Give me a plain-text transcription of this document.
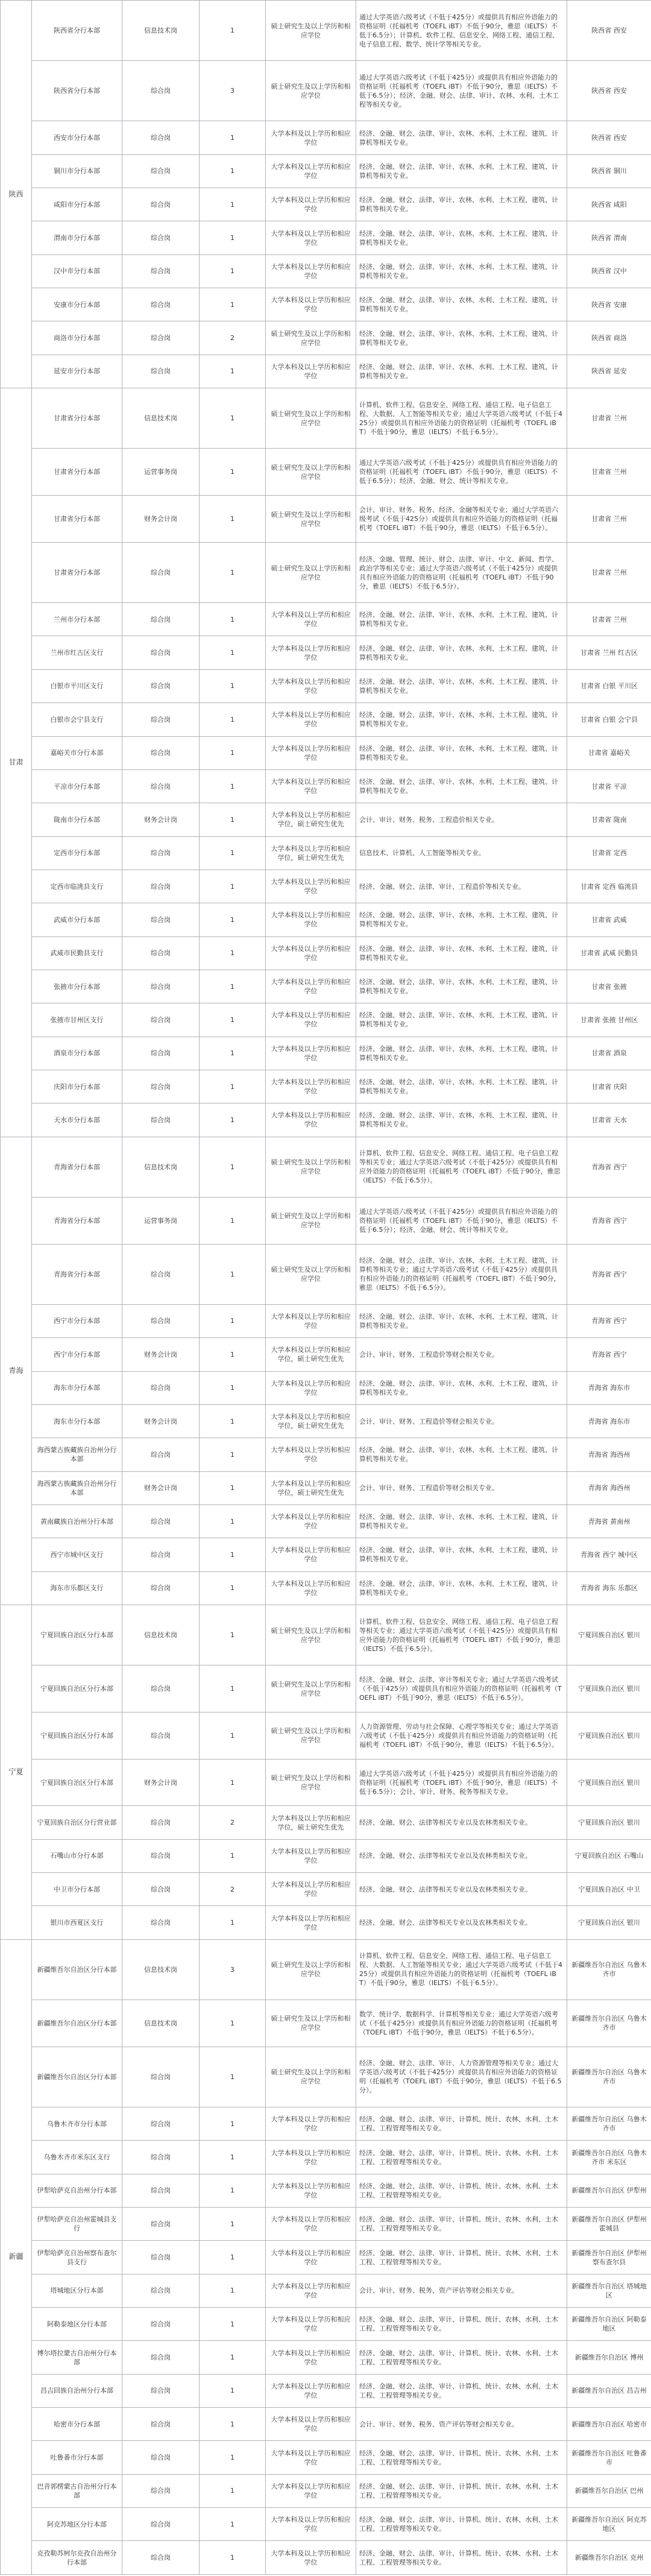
陕西	陕西省分行本部	信息技术岗	1	硕士研究生及以上学历和相应学位	通过大学英语六级考试（不低于425分）或提供具有相应外语能力的资格证明（托福机考（TOEFL iBT）不低于90分，雅思（IELTS）不低于6.5分）；计算机、软件工程、信息安全、网络工程、通信工程、电子信息工程、数学、统计学等相关专业。	陕西省 西安
	陕西省分行本部	综合岗	3	硕士研究生及以上学历和相应学位	通过大学英语六级考试（不低于425分）或提供具有相应外语能力的资格证明（托福机考（TOEFL iBT）不低于90分，雅思（IELTS）不低于6.5分）；经济、金融、财会、法律、审计、农林、水利、土木工程等相关专业。	陕西省 西安
	西安市分行本部	综合岗	1	大学本科及以上学历和相应学位	经济、金融、财会、法律、审计、农林、水利、土木工程、建筑、计算机等相关专业。	陕西省 西安
	铜川市分行本部	综合岗	1	大学本科及以上学历和相应学位	经济、金融、财会、法律、审计、农林、水利、土木工程、建筑、计算机等相关专业。	陕西省 铜川
	咸阳市分行本部	综合岗	1	大学本科及以上学历和相应学位	经济、金融、财会、法律、审计、农林、水利、土木工程、建筑、计算机等相关专业。	陕西省 咸阳
	渭南市分行本部	综合岗	1	大学本科及以上学历和相应学位	经济、金融、财会、法律、审计、农林、水利、土木工程、建筑、计算机等相关专业。	陕西省 渭南
	汉中市分行本部	综合岗	1	大学本科及以上学历和相应学位	经济、金融、财会、法律、审计、农林、水利、土木工程、建筑、计算机等相关专业。	陕西省 汉中
	安康市分行本部	综合岗	1	大学本科及以上学历和相应学位	经济、金融、财会、法律、审计、农林、水利、土木工程、建筑、计算机等相关专业。	陕西省 安康
	商洛市分行本部	综合岗	2	硕士研究生及以上学历和相应学位	经济、金融、财会、法律、审计、农林、水利、土木工程、建筑、计算机等相关专业。	陕西省 商洛
	延安市分行本部	综合岗	1	大学本科及以上学历和相应学位	经济、金融、财会、法律、审计、农林、水利、土木工程、建筑、计算机等相关专业。	陕西省 延安
甘肃	甘肃省分行本部	信息技术岗	1	硕士研究生及以上学历和相应学位	计算机、软件工程、信息安全、网络工程、通信工程、电子信息工程、大数据、人工智能等相关专业；通过大学英语六级考试（不低于425分）或提供具有相应外语能力的资格证明（托福机考（TOEFL iBT）不低于90分，雅思（IELTS）不低于6.5分）。	甘肃省 兰州
	甘肃省分行本部	运营事务岗	1	硕士研究生及以上学历和相应学位	通过大学英语六级考试（不低于425分）或提供具有相应外语能力的资格证明（托福机考（TOEFL iBT）不低于90分，雅思（IELTS）不低于6.5分）；经济、金融、财会、统计等相关专业。	甘肃省 兰州
	甘肃省分行本部	财务会计岗	1	硕士研究生及以上学历和相应学位	会计、审计、财务、税务、经济、金融等相关专业；通过大学英语六级考试（不低于425分）或提供具有相应外语能力的资格证明（托福机考（TOEFL iBT）不低于90分，雅思（IELTS）不低于6.5分）。	甘肃省 兰州
	甘肃省分行本部	综合岗	1	硕士研究生及以上学历和相应学位	经济、金融、管理、统计、财会、法律、审计、中文、新闻、哲学、政治学等相关专业；通过大学英语六级考试（不低于425分）或提供具有相应外语能力的资格证明（托福机考（TOEFL iBT）不低于90分，雅思（IELTS）不低于6.5分）。	甘肃省 兰州
	兰州市分行本部	综合岗	1	大学本科及以上学历和相应学位	经济、金融、财会、法律、审计、农林、水利、土木工程、建筑、计算机等相关专业。	甘肃省 兰州
	兰州市红古区支行	综合岗	1	大学本科及以上学历和相应学位	经济、金融、财会、法律、审计、农林、水利、土木工程、建筑、计算机等相关专业。	甘肃省 兰州 红古区
	白银市平川区支行	综合岗	1	大学本科及以上学历和相应学位	经济、金融、财会、法律、审计、农林、水利、土木工程、建筑、计算机等相关专业。	甘肃省 白银 平川区
	白银市会宁县支行	综合岗	1	大学本科及以上学历和相应学位	经济、金融、财会、法律、审计、农林、水利、土木工程、建筑、计算机等相关专业。	甘肃省 白银 会宁县
	嘉峪关市分行本部	综合岗	1	大学本科及以上学历和相应学位	经济、金融、财会、法律、审计、农林、水利、土木工程、建筑、计算机等相关专业。	甘肃省 嘉峪关
	平凉市分行本部	综合岗	1	大学本科及以上学历和相应学位	经济、金融、财会、法律、审计、农林、水利、土木工程、建筑、计算机等相关专业。	甘肃省 平凉
	陇南市分行本部	财务会计岗	1	大学本科及以上学历和相应学位，硕士研究生优先	会计、审计、财务、税务、工程造价相关专业。	甘肃省 陇南
	定西市分行本部	综合岗	1	大学本科及以上学历和相应学位，硕士研究生优先	信息技术、计算机、人工智能等相关专业。	甘肃省 定西
	定西市临洮县支行	综合岗	1	大学本科及以上学历和相应学位	经济、金融、财会、法律、审计、工程造价等相关专业。	甘肃省 定西 临洮县
	武威市分行本部	综合岗	1	大学本科及以上学历和相应学位	经济、金融、财会、法律、审计、农林、水利、土木工程、建筑、计算机等相关专业。	甘肃省 武威
	武威市民勤县支行	综合岗	1	大学本科及以上学历和相应学位	经济、金融、财会、法律、审计、农林、水利、土木工程、建筑、计算机等相关专业。	甘肃省 武威 民勤县
	张掖市分行本部	综合岗	1	大学本科及以上学历和相应学位	经济、金融、财会、法律、审计、农林、水利、土木工程、建筑、计算机等相关专业。	甘肃省 张掖
	张掖市甘州区支行	综合岗	1	大学本科及以上学历和相应学位	经济、金融、财会、法律、审计、农林、水利、土木工程、建筑、计算机等相关专业。	甘肃省 张掖 甘州区
	酒泉市分行本部	综合岗	1	大学本科及以上学历和相应学位	经济、金融、财会、法律、审计、农林、水利、土木工程、建筑、计算机等相关专业。	甘肃省 酒泉
	庆阳市分行本部	综合岗	1	大学本科及以上学历和相应学位	经济、金融、财会、法律、审计、农林、水利、土木工程、建筑、计算机等相关专业。	甘肃省 庆阳
	天水市分行本部	综合岗	1	大学本科及以上学历和相应学位	经济、金融、财会、法律、审计、农林、水利、土木工程、建筑、计算机等相关专业。	甘肃省 天水
青海	青海省分行本部	信息技术岗	1	硕士研究生及以上学历和相应学位	计算机、软件工程、信息安全、网络工程、通信工程、电子信息工程等相关专业；通过大学英语六级考试（不低于425分）或提供具有相应外语能力的资格证明（托福机考（TOEFL iBT）不低于90分，雅思（IELTS）不低于6.5分）。	青海省 西宁
	青海省分行本部	运营事务岗	1	硕士研究生及以上学历和相应学位	通过大学英语六级考试（不低于425分）或提供具有相应外语能力的资格证明（托福机考（TOEFL iBT）不低于90分，雅思（IELTS）不低于6.5分）；经济、金融、财会、统计等相关专业。	青海省 西宁
	青海省分行本部	综合岗	1	硕士研究生及以上学历和相应学位	经济、金融、财会、法律、审计、农林、水利、土木工程、建筑、计算机等相关专业；通过大学英语六级考试（不低于425分）或提供具有相应外语能力的资格证明（托福机考（TOEFL iBT）不低于90分，雅思（IELTS）不低于6.5分）。	青海省 西宁
	西宁市分行本部	综合岗	1	大学本科及以上学历和相应学位	经济、金融、财会、法律、审计、农林、水利、土木工程、建筑、计算机等相关专业。	青海省 西宁
	西宁市分行本部	财务会计岗	1	大学本科及以上学历和相应学位，硕士研究生优先	会计、审计、财务、工程造价等财会相关专业。	青海省 西宁
	海东市分行本部	综合岗	1	大学本科及以上学历和相应学位	经济、金融、财会、法律、审计、农林、水利、土木工程、建筑、计算机等相关专业。	青海省 海东市
	海东市分行本部	财务会计岗	1	大学本科及以上学历和相应学位，硕士研究生优先	会计、审计、财务、工程造价等财会相关专业。	青海省 海东市
	海西蒙古族藏族自治州分行本部	综合岗	1	大学本科及以上学历和相应学位	经济、金融、财会、法律、审计、农林、水利、土木工程、建筑、计算机等相关专业。	青海省 海西州
	海西蒙古族藏族自治州分行本部	财务会计岗	1	大学本科及以上学历和相应学位，硕士研究生优先	会计、审计、财务、工程造价等财会相关专业。	青海省 海西州
	黄南藏族自治州分行本部	综合岗	1	大学本科及以上学历和相应学位	经济、金融、财会、法律、审计、农林、水利、土木工程、建筑、计算机等相关专业。	青海省 黄南州
	西宁市城中区支行	综合岗	1	大学本科及以上学历和相应学位	经济、金融、财会、法律、审计、农林、水利、土木工程、建筑、计算机等相关专业。	青海省 西宁 城中区
	海东市乐都区支行	综合岗	1	大学本科及以上学历和相应学位	经济、金融、财会、法律、审计、农林、水利、土木工程、建筑、计算机等相关专业。	青海省 海东 乐都区
宁夏	宁夏回族自治区分行本部	信息技术岗	1	硕士研究生及以上学历和相应学位	计算机、软件工程、信息安全、网络工程、通信工程、电子信息工程等相关专业；通过大学英语六级考试（不低于425分）或提供具有相应外语能力的资格证明（托福机考（TOEFL iBT）不低于90分，雅思（IELTS）不低于6.5分）。	宁夏回族自治区 银川
	宁夏回族自治区分行本部	综合岗	1	硕士研究生及以上学历和相应学位	经济、金融、财会、法律、审计等相关专业；通过大学英语六级考试（不低于425分）或提供具有相应外语能力的资格证明（托福机考（TOEFL iBT）不低于90分，雅思（IELTS）不低于6.5分）。	宁夏回族自治区 银川
	宁夏回族自治区分行本部	综合岗	1	硕士研究生及以上学历和相应学位	人力资源管理、劳动与社会保障、心理学等相关专业；通过大学英语六级考试（不低于425分）或提供具有相应外语能力的资格证明（托福机考（TOEFL iBT）不低于90分，雅思（IELTS）不低于6.5分）。	宁夏回族自治区 银川
	宁夏回族自治区分行本部	财务会计岗	1	硕士研究生及以上学历和相应学位	通过大学英语六级考试（不低于425分）或提供具有相应外语能力的资格证明（托福机考（TOEFL iBT）不低于90分，雅思（IELTS）不低于6.5分）；会计、审计、财务、税务等相关专业。	宁夏回族自治区 银川
	宁夏回族自治区分行营业部	综合岗	2	大学本科及以上学历和相应学位，硕士研究生优先	经济、金融、财会、法律等相关专业以及农林类相关专业。	宁夏回族自治区 银川
	石嘴山市分行本部	综合岗	1	大学本科及以上学历和相应学位	经济、金融、财会、法律等相关专业以及农林类相关专业。	宁夏回族自治区 石嘴山
	中卫市分行本部	综合岗	2	大学本科及以上学历和相应学位	经济、金融、财会、法律等相关专业以及农林类相关专业。	宁夏回族自治区 中卫
	银川市西夏区支行	综合岗	1	大学本科及以上学历和相应学位	经济、金融、财会、法律等相关专业以及农林类相关专业。	宁夏回族自治区 银川
新疆	新疆维吾尔自治区分行本部	信息技术岗	3	硕士研究生及以上学历和相应学位	计算机、软件工程、信息安全、网络工程、通信工程、电子信息工程、大数据、人工智能等相关专业；通过大学英语六级考试（不低于425分）或提供具有相应外语能力的资格证明（托福机考（TOEFL iBT）不低于90分，雅思（IELTS）不低于6.5分）。	新疆维吾尔自治区 乌鲁木齐市
	新疆维吾尔自治区分行本部	信息技术岗	1	硕士研究生及以上学历和相应学位	数学、统计学、数据科学、计算机等相关专业；通过大学英语六级考试（不低于425分）或提供具有相应外语能力的资格证明（托福机考（TOEFL iBT）不低于90分，雅思（IELTS）不低于6.5分）。	新疆维吾尔自治区 乌鲁木齐市
	新疆维吾尔自治区分行本部	综合岗	1	硕士研究生及以上学历和相应学位	经济、金融、财会、法律、审计、人力资源管理等相关专业；通过大学英语六级考试（不低于425分）或提供具有相应外语能力的资格证明（托福机考（TOEFL iBT）不低于90分，雅思（IELTS）不低于6.5分）。	新疆维吾尔自治区 乌鲁木齐市
	乌鲁木齐市分行本部	综合岗	1	大学本科及以上学历和相应学位	经济、金融、财会、法律、审计、计算机、统计、农林、水利、土木工程、工程管理等相关专业。	新疆维吾尔自治区 乌鲁木齐市
	乌鲁木齐市米东区支行	综合岗	1	大学本科及以上学历和相应学位	经济、金融、财会、法律、审计、计算机、统计、农林、水利、土木工程、工程管理等相关专业。	新疆维吾尔自治区 乌鲁木齐市 米东区
	伊犁哈萨克自治州分行本部	综合岗	1	大学本科及以上学历和相应学位	经济、金融、财会、法律、审计、计算机、统计、农林、水利、土木工程、工程管理等相关专业。	新疆维吾尔自治区 伊犁州
	伊犁哈萨克自治州霍城县支行	综合岗	1	大学本科及以上学历和相应学位	经济、金融、财会、法律、审计、计算机、统计、农林、水利、土木工程、工程管理等相关专业。	新疆维吾尔自治区 伊犁州 霍城县
	伊犁哈萨克自治州察布查尔县支行	综合岗	1	大学本科及以上学历和相应学位	经济、金融、财会、法律、审计、计算机、统计、农林、水利、土木工程、工程管理等相关专业。	新疆维吾尔自治区 伊犁州 察布查尔县
	塔城地区分行本部	综合岗	1	大学本科及以上学历和相应学位	会计、审计、财务、税务、资产评估等财会相关专业。	新疆维吾尔自治区 塔城地区
	阿勒泰地区分行本部	综合岗	1	大学本科及以上学历和相应学位	经济、金融、财会、法律、审计、计算机、统计、农林、水利、土木工程、工程管理等相关专业。	新疆维吾尔自治区 阿勒泰地区
	博尔塔拉蒙古自治州分行本部	综合岗	1	大学本科及以上学历和相应学位	经济、金融、财会、法律、审计、计算机、统计、农林、水利、土木工程、工程管理等相关专业。	新疆维吾尔自治区 博州
	昌吉回族自治州分行本部	综合岗	1	大学本科及以上学历和相应学位	经济、金融、财会、法律、审计、计算机、统计、农林、水利、土木工程、工程管理等相关专业。	新疆维吾尔自治区 昌吉州
	哈密市分行本部	综合岗	1	大学本科及以上学历和相应学位	会计、审计、财务、税务、资产评估等财会相关专业。	新疆维吾尔自治区 哈密市
	吐鲁番市分行本部	综合岗	1	大学本科及以上学历和相应学位	经济、金融、财会、法律、审计、计算机、统计、农林、水利、土木工程、工程管理等相关专业。	新疆维吾尔自治区 吐鲁番市
	巴音郭楞蒙古自治州分行本部	综合岗	1	大学本科及以上学历和相应学位	经济、金融、财会、法律、审计、计算机、统计、农林、水利、土木工程、工程管理等相关专业。	新疆维吾尔自治区 巴州
	阿克苏地区分行本部	综合岗	1	大学本科及以上学历和相应学位	经济、金融、财会、法律、审计、计算机、统计、农林、水利、土木工程、工程管理等相关专业。	新疆维吾尔自治区 阿克苏地区
	克孜勒苏柯尔克孜自治州分行本部	综合岗	1	大学本科及以上学历和相应学位	经济、金融、财会、法律、审计、计算机、统计、农林、水利、土木工程、工程管理等相关专业。	新疆维吾尔自治区 克州
